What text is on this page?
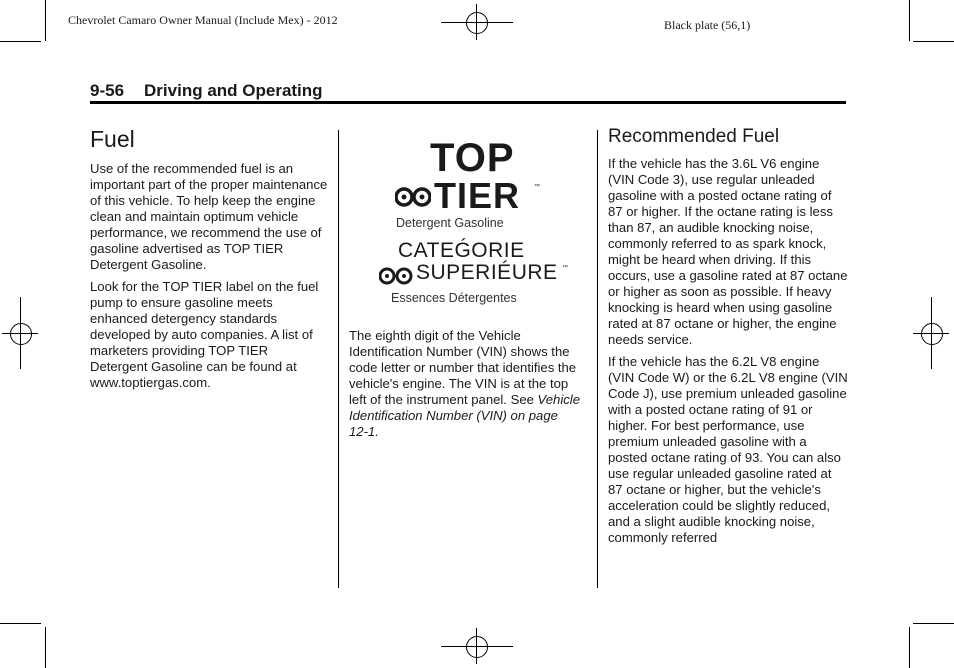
Chevrolet Camaro Owner Manual (Include Mex) - 2012	Black plate (56,1)
9-56 Driving and Operating
Fuel

Use of the recommended fuel is an important part of the proper maintenance of this vehicle. To help keep the engine clean and maintain optimum vehicle performance, we recommend the use of gasoline advertised as TOP TIER Detergent Gasoline.

Look for the TOP TIER label on the fuel pump to ensure gasoline meets enhanced detergency standards developed by auto companies. A list of marketers providing TOP TIER Detergent Gasoline can be found at www.toptiergas.com.

TOP
TIER ™
Detergent Gasoline
CATEǴORIE
SUPERIÉURE ™
Essences Détergentes

The eighth digit of the Vehicle Identification Number (VIN) shows the code letter or number that identifies the vehicle's engine. The VIN is at the top left of the instrument panel. See Vehicle Identification Number (VIN) on page 12‑1.

Recommended Fuel

If the vehicle has the 3.6L V6 engine (VIN Code 3), use regular unleaded gasoline with a posted octane rating of 87 or higher. If the octane rating is less than 87, an audible knocking noise, commonly referred to as spark knock, might be heard when driving. If this occurs, use a gasoline rated at 87 octane or higher as soon as possible. If heavy knocking is heard when using gasoline rated at 87 octane or higher, the engine needs service.

If the vehicle has the 6.2L V8 engine (VIN Code W) or the 6.2L V8 engine (VIN Code J), use premium unleaded gasoline with a posted octane rating of 91 or higher. For best performance, use premium unleaded gasoline with a posted octane rating of 93. You can also use regular unleaded gasoline rated at 87 octane or higher, but the vehicle's acceleration could be slightly reduced, and a slight audible knocking noise, commonly referred
